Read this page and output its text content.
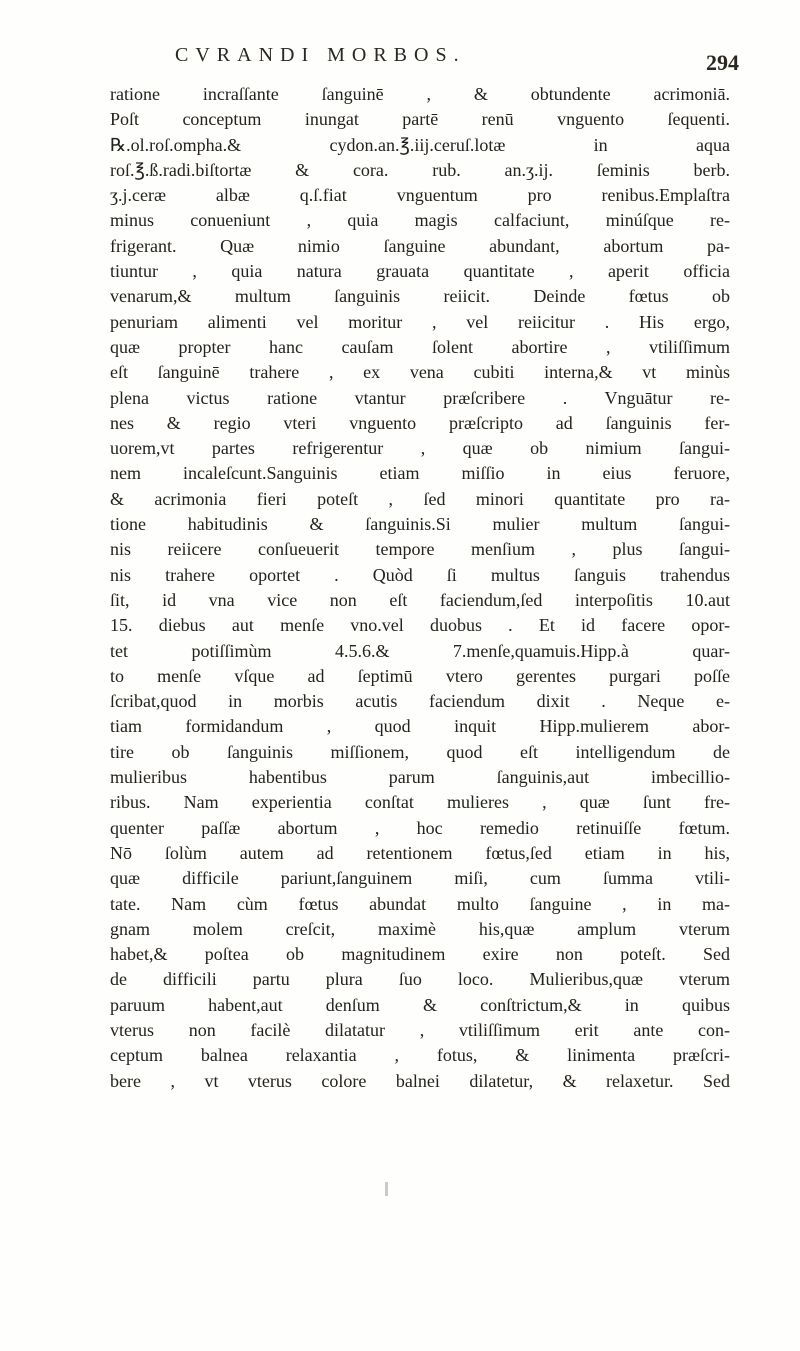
CVRANDI MORBOS.	294
ratione incraſſante ſanguinē , & obtundente acrimoniā.
Poſt conceptum inungat partē renū vnguento ſequenti.
℞.ol.roſ.ompha.& cydon.an.℥.iij.ceruſ.lotæ in aqua
roſ.℥.ß.radi.biſtortæ & cora. rub. an.ʒ.ij. ſeminis berb.
ʒ.j.ceræ albæ q.ſ.fiat vnguentum pro renibus.Emplaſtra
minus conueniunt , quia magis calfaciunt, minúſque re-
frigerant. Quæ nimio ſanguine abundant, abortum pa-
tiuntur , quia natura grauata quantitate , aperit officia
venarum,& multum ſanguinis reiicit. Deinde fœtus ob
penuriam alimenti vel moritur , vel reiicitur . His ergo,
quæ propter hanc cauſam ſolent abortire , vtiliſſimum
eſt ſanguinē trahere , ex vena cubiti interna,& vt minùs
plena victus ratione vtantur præſcribere . Vnguātur re-
nes & regio vteri vnguento præſcripto ad ſanguinis fer-
uorem,vt partes refrigerentur , quæ ob nimium ſangui-
nem incaleſcunt.Sanguinis etiam miſſio in eius feruore,
& acrimonia fieri poteſt , ſed minori quantitate pro ra-
tione habitudinis & ſanguinis.Si mulier multum ſangui-
nis reiicere conſueuerit tempore menſium , plus ſangui-
nis trahere oportet . Quòd ſi multus ſanguis trahendus
ſit, id vna vice non eſt faciendum,ſed interpoſitis 10.aut
15. diebus aut menſe vno.vel duobus . Et id facere opor-
tet potiſſimùm 4.5.6.& 7.menſe,quamuis.Hipp.à quar-
to menſe vſque ad ſeptimū vtero gerentes purgari poſſe
ſcribat,quod in morbis acutis faciendum dixit . Neque e-
tiam formidandum , quod inquit Hipp.mulierem abor-
tire ob ſanguinis miſſionem, quod eſt intelligendum de
mulieribus habentibus parum ſanguinis,aut imbecillio-
ribus. Nam experientia conſtat mulieres , quæ ſunt fre-
quenter paſſæ abortum , hoc remedio retinuiſſe fœtum.
Nō ſolùm autem ad retentionem fœtus,ſed etiam in his,
quæ difficile pariunt,ſanguinem miſi, cum ſumma vtili-
tate. Nam cùm fœtus abundat multo ſanguine , in ma-
gnam molem creſcit, maximè his,quæ amplum vterum
habet,& poſtea ob magnitudinem exire non poteſt. Sed
de difficili partu plura ſuo loco. Mulieribus,quæ vterum
paruum habent,aut denſum & conſtrictum,& in quibus
vterus non facilè dilatatur , vtiliſſimum erit ante con-
ceptum balnea relaxantia , fotus, & linimenta præſcri-
bere , vt vterus colore balnei dilatetur, & relaxetur. Sed
